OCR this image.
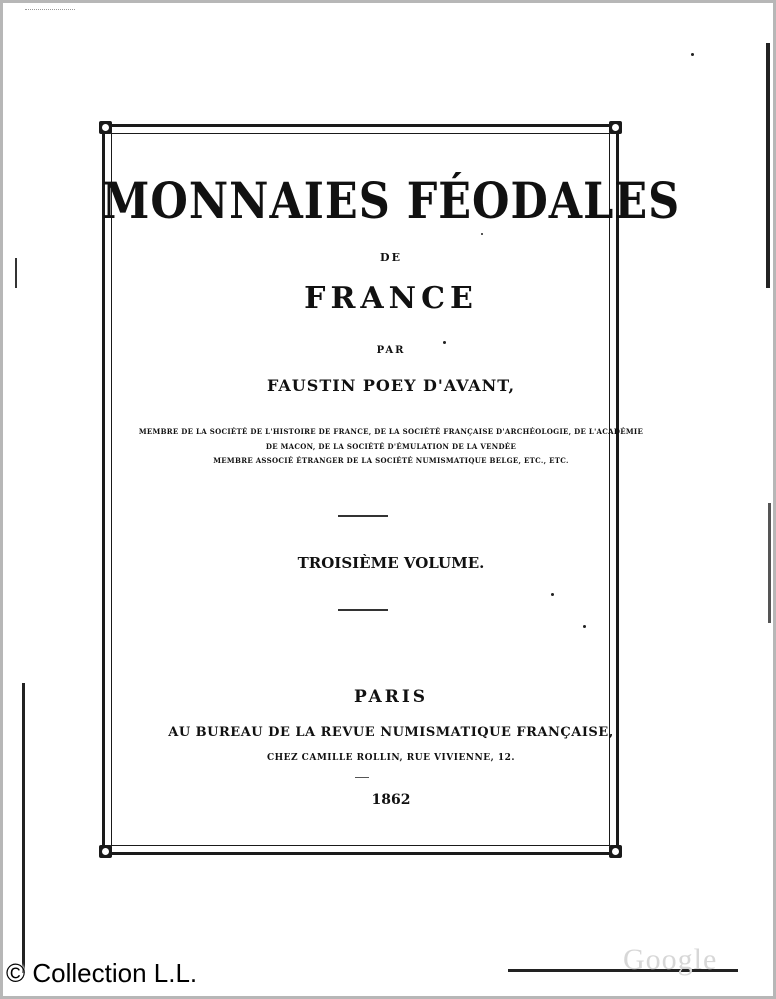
MONNAIES FÉODALES
DE
FRANCE
PAR
FAUSTIN POEY D'AVANT,
MEMBRE DE LA SOCIÉTÉ DE L'HISTOIRE DE FRANCE, DE LA SOCIÉTÉ FRANÇAISE D'ARCHÉOLOGIE, DE L'ACADÉMIE
DE MACON, DE LA SOCIÉTÉ D'ÉMULATION DE LA VENDÉE
MEMBRE ASSOCIÉ ÉTRANGER DE LA SOCIÉTÉ NUMISMATIQUE BELGE, ETC., ETC.
TROISIÈME VOLUME.
PARIS
AU BUREAU DE LA REVUE NUMISMATIQUE FRANÇAISE,
CHEZ CAMILLE ROLLIN, RUE VIVIENNE, 12.
1862
Google
© Collection L.L.
